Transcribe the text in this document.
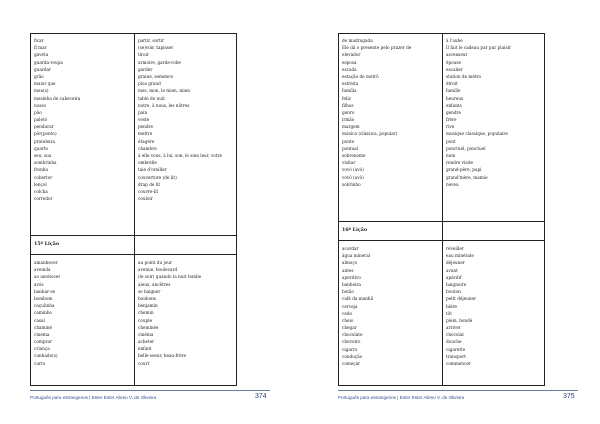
ficar
fl mar
gaveta
guarda-roupa
guardar
grão
maior que
meu(s)
mesinha de cabeceira
nosso
pão
paletó
pendurar
pôr(ponto)
prateleira
quarto
seu, sua
sombrinha
fronha
cobertor
lençol
colcha
corredor
partir, sortir
(se)voir, tapisser
tiroir
armoire, garde-robe
garder
graine, semence
plus grand
mes, mon, le mien, mien
table de nuit
notre, à nous, les nôtres
pain
veste
pendre
mettre
étagère
chambre
à elle vous, à lui, son, le sien leur, votre
ombrelle
taie d'oreiller
couverture (de lit)
drap de lit
couvre-lit
couloir
15ª Lição
amanhecer
avenida
ao anoitecer
avós
banhar-se
bombom
caçulinha
caminho
casal
chaminé
cinema
comprar
criança
cunhado(s)
curto
au point du jour
avenue, boulevard
(le soir) quando la nuit tombe
aïeux, ancêtres
se baigner
bonbons
benjamin
chemin
couple
cheminée
cinéma
acheter
enfant
belle-soeur, beau-frère
court
Português para estrangeiros | Ester Ester Abreu V. de Oliveira	374
de madrugada
Ele dá o presente pelo prazer de
elevador
esposa
escada
estação de metrô
estreita
família
feliz
filhos
genro
irmão
margem
música (clássica, popular)
ponte
pontual
sobrenome
visitar
vovó (avó)
vovô (avô)
sobrinho
à l'aube
Il fait le cadeau par pur plaisir
ascenseur
épouse
escalier
station de métro
étroit
famille
heureux
enfants
gendre
frère
rive
musique classique, populaire
pont
ponctuel, ponctuel
nom
rendre visite
grand-père, papi
grand'mère, mamie
neveu
16ª Lição
acordar
água mineral
almoço
antes
aperitivo
banheira
botão
café da manhã
cerveja
cedo
cheio
chegar
chocolate
chuveiro
cigarro
condução
começar
réveiller
eau minérale
déjeuner
avant
apéritif
baignoire
bouton
petit déjeuner
bière
tôt
plein, bondé
arriver
chocolat
douche
cigarette
transport
commencer
Português para estrangeiros | Ester Ester Abreu V. de Oliveira	375
